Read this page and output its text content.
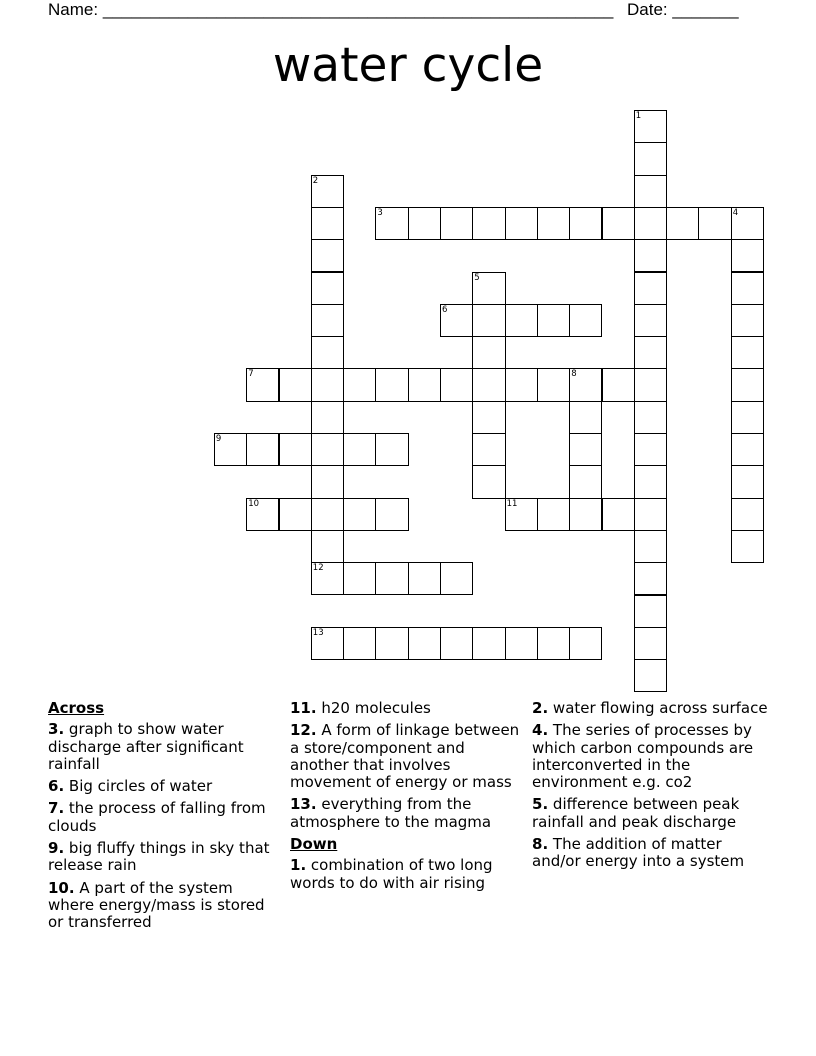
Name: ______________________________________________________ Date: _______
water cycle
1
2
3	4
5
6
7	8
9
10	11
12
13
Across
3. graph to show water discharge after significant rainfall
6. Big circles of water
7. the process of falling from clouds
9. big fluffy things in sky that release rain
10. A part of the system where energy/mass is stored or transferred
11. h20 molecules
12. A form of linkage between a store/component and another that involves movement of energy or mass
13. everything from the atmosphere to the magma
Down
1. combination of two long words to do with air rising
2. water flowing across surface
4. The series of processes by which carbon compounds are interconverted in the environment e.g. co2
5. difference between peak rainfall and peak discharge
8. The addition of matter and/or energy into a system
